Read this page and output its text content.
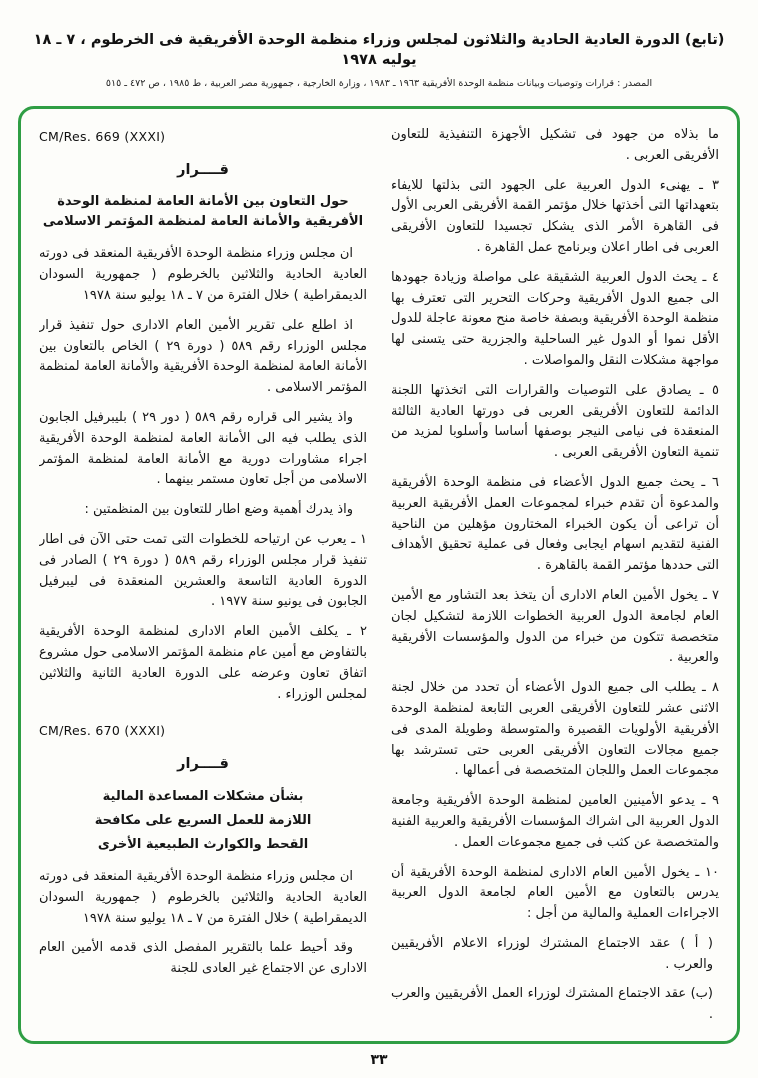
(تابع) الدورة العادية الحادية والثلاثون لمجلس وزراء منظمة الوحدة الأفريقية فى الخرطوم ، ٧ ـ ١٨ يوليه ١٩٧٨
المصدر : قرارات وتوصيات وبيانات منظمة الوحدة الأفريقية ١٩٦٣ ـ ١٩٨٣ ، وزارة الخارجية ، جمهورية مصر العربية ، ط ١٩٨٥ ، ص ٤٧٢ ـ ٥١٥

ما بذلاه من جهود فى تشكيل الأجهزة التنفيذية للتعاون الأفريقى العربى .

٣ ـ يهنىء الدول العربية على الجهود التى بذلتها للايفاء بتعهداتها التى أخذتها خلال مؤتمر القمة الأفريقى العربى الأول فى القاهرة الأمر الذى يشكل تجسيدا للتعاون الأفريقى العربى فى اطار اعلان وبرنامج عمل القاهرة .

٤ ـ يحث الدول العربية الشقيقة على مواصلة وزيادة جهودها الى جميع الدول الأفريقية وحركات التحرير التى تعترف بها منظمة الوحدة الأفريقية وبصفة خاصة منح معونة عاجلة للدول الأقل نموا أو الدول غير الساحلية والجزرية حتى يتسنى لها مواجهة مشكلات النقل والمواصلات .

٥ ـ يصادق على التوصيات والقرارات التى اتخذتها اللجنة الدائمة للتعاون الأفريقى العربى فى دورتها العادية الثالثة المنعقدة فى نيامى النيجر بوصفها أساسا وأسلوبا لمزيد من تنمية التعاون الأفريقى العربى .

٦ ـ يحث جميع الدول الأعضاء فى منظمة الوحدة الأفريقية والمدعوة أن تقدم خبراء لمجموعات العمل الأفريقية العربية أن تراعى أن يكون الخبراء المختارون مؤهلين من الناحية الفنية لتقديم اسهام ايجابى وفعال فى عملية تحقيق الأهداف التى حددها مؤتمر القمة بالقاهرة .

٧ ـ يخول الأمين العام الادارى أن يتخذ بعد التشاور مع الأمين العام لجامعة الدول العربية الخطوات اللازمة لتشكيل لجان متخصصة تتكون من خبراء من الدول والمؤسسات الأفريقية والعربية .

٨ ـ يطلب الى جميع الدول الأعضاء أن تحدد من خلال لجنة الاثنى عشر للتعاون الأفريقى العربى التابعة لمنظمة الوحدة الأفريقية الأولويات القصيرة والمتوسطة وطويلة المدى فى جميع مجالات التعاون الأفريقى العربى حتى تسترشد بها مجموعات العمل واللجان المتخصصة فى أعمالها .

٩ ـ يدعو الأمينين العامين لمنظمة الوحدة الأفريقية وجامعة الدول العربية الى اشراك المؤسسات الأفريقية والعربية الفنية والمتخصصة عن كثب فى جميع مجموعات العمل .

١٠ ـ يخول الأمين العام الادارى لمنظمة الوحدة الأفريقية أن يدرس بالتعاون مع الأمين العام لجامعة الدول العربية الاجراءات العملية والمالية من أجل :

( أ ) عقد الاجتماع المشترك لوزراء الاعلام الأفريقيين والعرب .

(ب) عقد الاجتماع المشترك لوزراء العمل الأفريقيين والعرب .

CM/Res. 669 (XXXI)
قــــرار
حول التعاون بين الأمانة العامة لمنظمة الوحدة الأفريقية والأمانة العامة لمنظمة المؤتمر الاسلامى

ان مجلس وزراء منظمة الوحدة الأفريقية المنعقد فى دورته العادية الحادية والثلاثين بالخرطوم ( جمهورية السودان الديمقراطية ) خلال الفترة من ٧ ـ ١٨ يوليو سنة ١٩٧٨

اذ اطلع على تقرير الأمين العام الادارى حول تنفيذ قرار مجلس الوزراء رقم ٥٨٩ ( دورة ٢٩ ) الخاص بالتعاون بين الأمانة العامة لمنظمة الوحدة الأفريقية والأمانة العامة لمنظمة المؤتمر الاسلامى .

واذ يشير الى قراره رقم ٥٨٩ ( دور ٢٩ ) بليبرفيل الجابون الذى يطلب فيه الى الأمانة العامة لمنظمة الوحدة الأفريقية اجراء مشاورات دورية مع الأمانة العامة لمنظمة المؤتمر الاسلامى من أجل تعاون مستمر بينهما .

واذ يدرك أهمية وضع اطار للتعاون بين المنظمتين :

١ ـ يعرب عن ارتياحه للخطوات التى تمت حتى الآن فى اطار تنفيذ قرار مجلس الوزراء رقم ٥٨٩ ( دورة ٢٩ ) الصادر فى الدورة العادية التاسعة والعشرين المنعقدة فى ليبرفيل الجابون فى يونيو سنة ١٩٧٧ .

٢ ـ يكلف الأمين العام الادارى لمنظمة الوحدة الأفريقية بالتفاوض مع أمين عام منظمة المؤتمر الاسلامى حول مشروع اتفاق تعاون وعرضه على الدورة العادية الثانية والثلاثين لمجلس الوزراء .

CM/Res. 670 (XXXI)
قــــرار
بشأن مشكلات المساعدة المالية
اللازمة للعمل السريع على مكافحة
القحط والكوارث الطبيعية الأخرى

ان مجلس وزراء منظمة الوحدة الأفريقية المنعقد فى دورته العادية الحادية والثلاثين بالخرطوم ( جمهورية السودان الديمقراطية ) خلال الفترة من ٧ ـ ١٨ يوليو سنة ١٩٧٨

وقد أحيط علما بالتقرير المفصل الذى قدمه الأمين العام الادارى عن الاجتماع غير العادى للجنة

٣٣
